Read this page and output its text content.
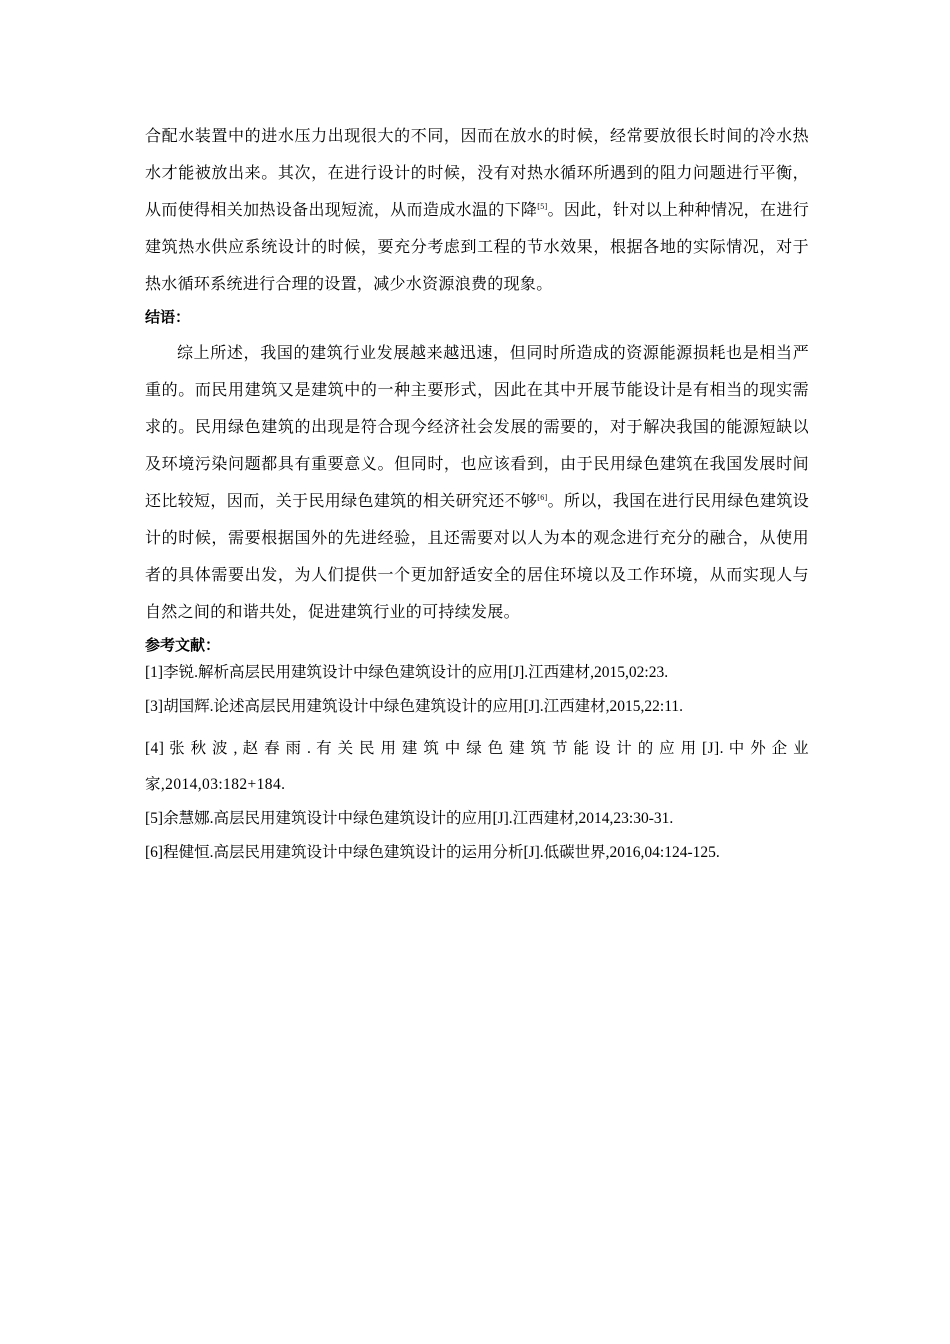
合配水装置中的进水压力出现很大的不同，因而在放水的时候，经常要放很长时间的冷水热水才能被放出来。其次，在进行设计的时候，没有对热水循环所遇到的阻力问题进行平衡，从而使得相关加热设备出现短流，从而造成水温的下降[5]。因此，针对以上种种情况，在进行建筑热水供应系统设计的时候，要充分考虑到工程的节水效果，根据各地的实际情况，对于热水循环系统进行合理的设置，减少水资源浪费的现象。

结语：

综上所述，我国的建筑行业发展越来越迅速，但同时所造成的资源能源损耗也是相当严重的。而民用建筑又是建筑中的一种主要形式，因此在其中开展节能设计是有相当的现实需求的。民用绿色建筑的出现是符合现今经济社会发展的需要的，对于解决我国的能源短缺以及环境污染问题都具有重要意义。但同时，也应该看到，由于民用绿色建筑在我国发展时间还比较短，因而，关于民用绿色建筑的相关研究还不够[6]。所以，我国在进行民用绿色建筑设计的时候，需要根据国外的先进经验，且还需要对以人为本的观念进行充分的融合，从使用者的具体需要出发，为人们提供一个更加舒适安全的居住环境以及工作环境，从而实现人与自然之间的和谐共处，促进建筑行业的可持续发展。

参考文献：
[1]李锐.解析高层民用建筑设计中绿色建筑设计的应用[J].江西建材,2015,02:23.
[3]胡国辉.论述高层民用建筑设计中绿色建筑设计的应用[J].江西建材,2015,22:11.
[4] 张 秋 波 , 赵 春 雨 . 有 关 民 用 建 筑 中 绿 色 建 筑 节 能 设 计 的 应 用 [J]. 中 外 企 业
家,2014,03:182+184.
[5]余慧娜.高层民用建筑设计中绿色建筑设计的应用[J].江西建材,2014,23:30-31.
[6]程健恒.高层民用建筑设计中绿色建筑设计的运用分析[J].低碳世界,2016,04:124-125.
